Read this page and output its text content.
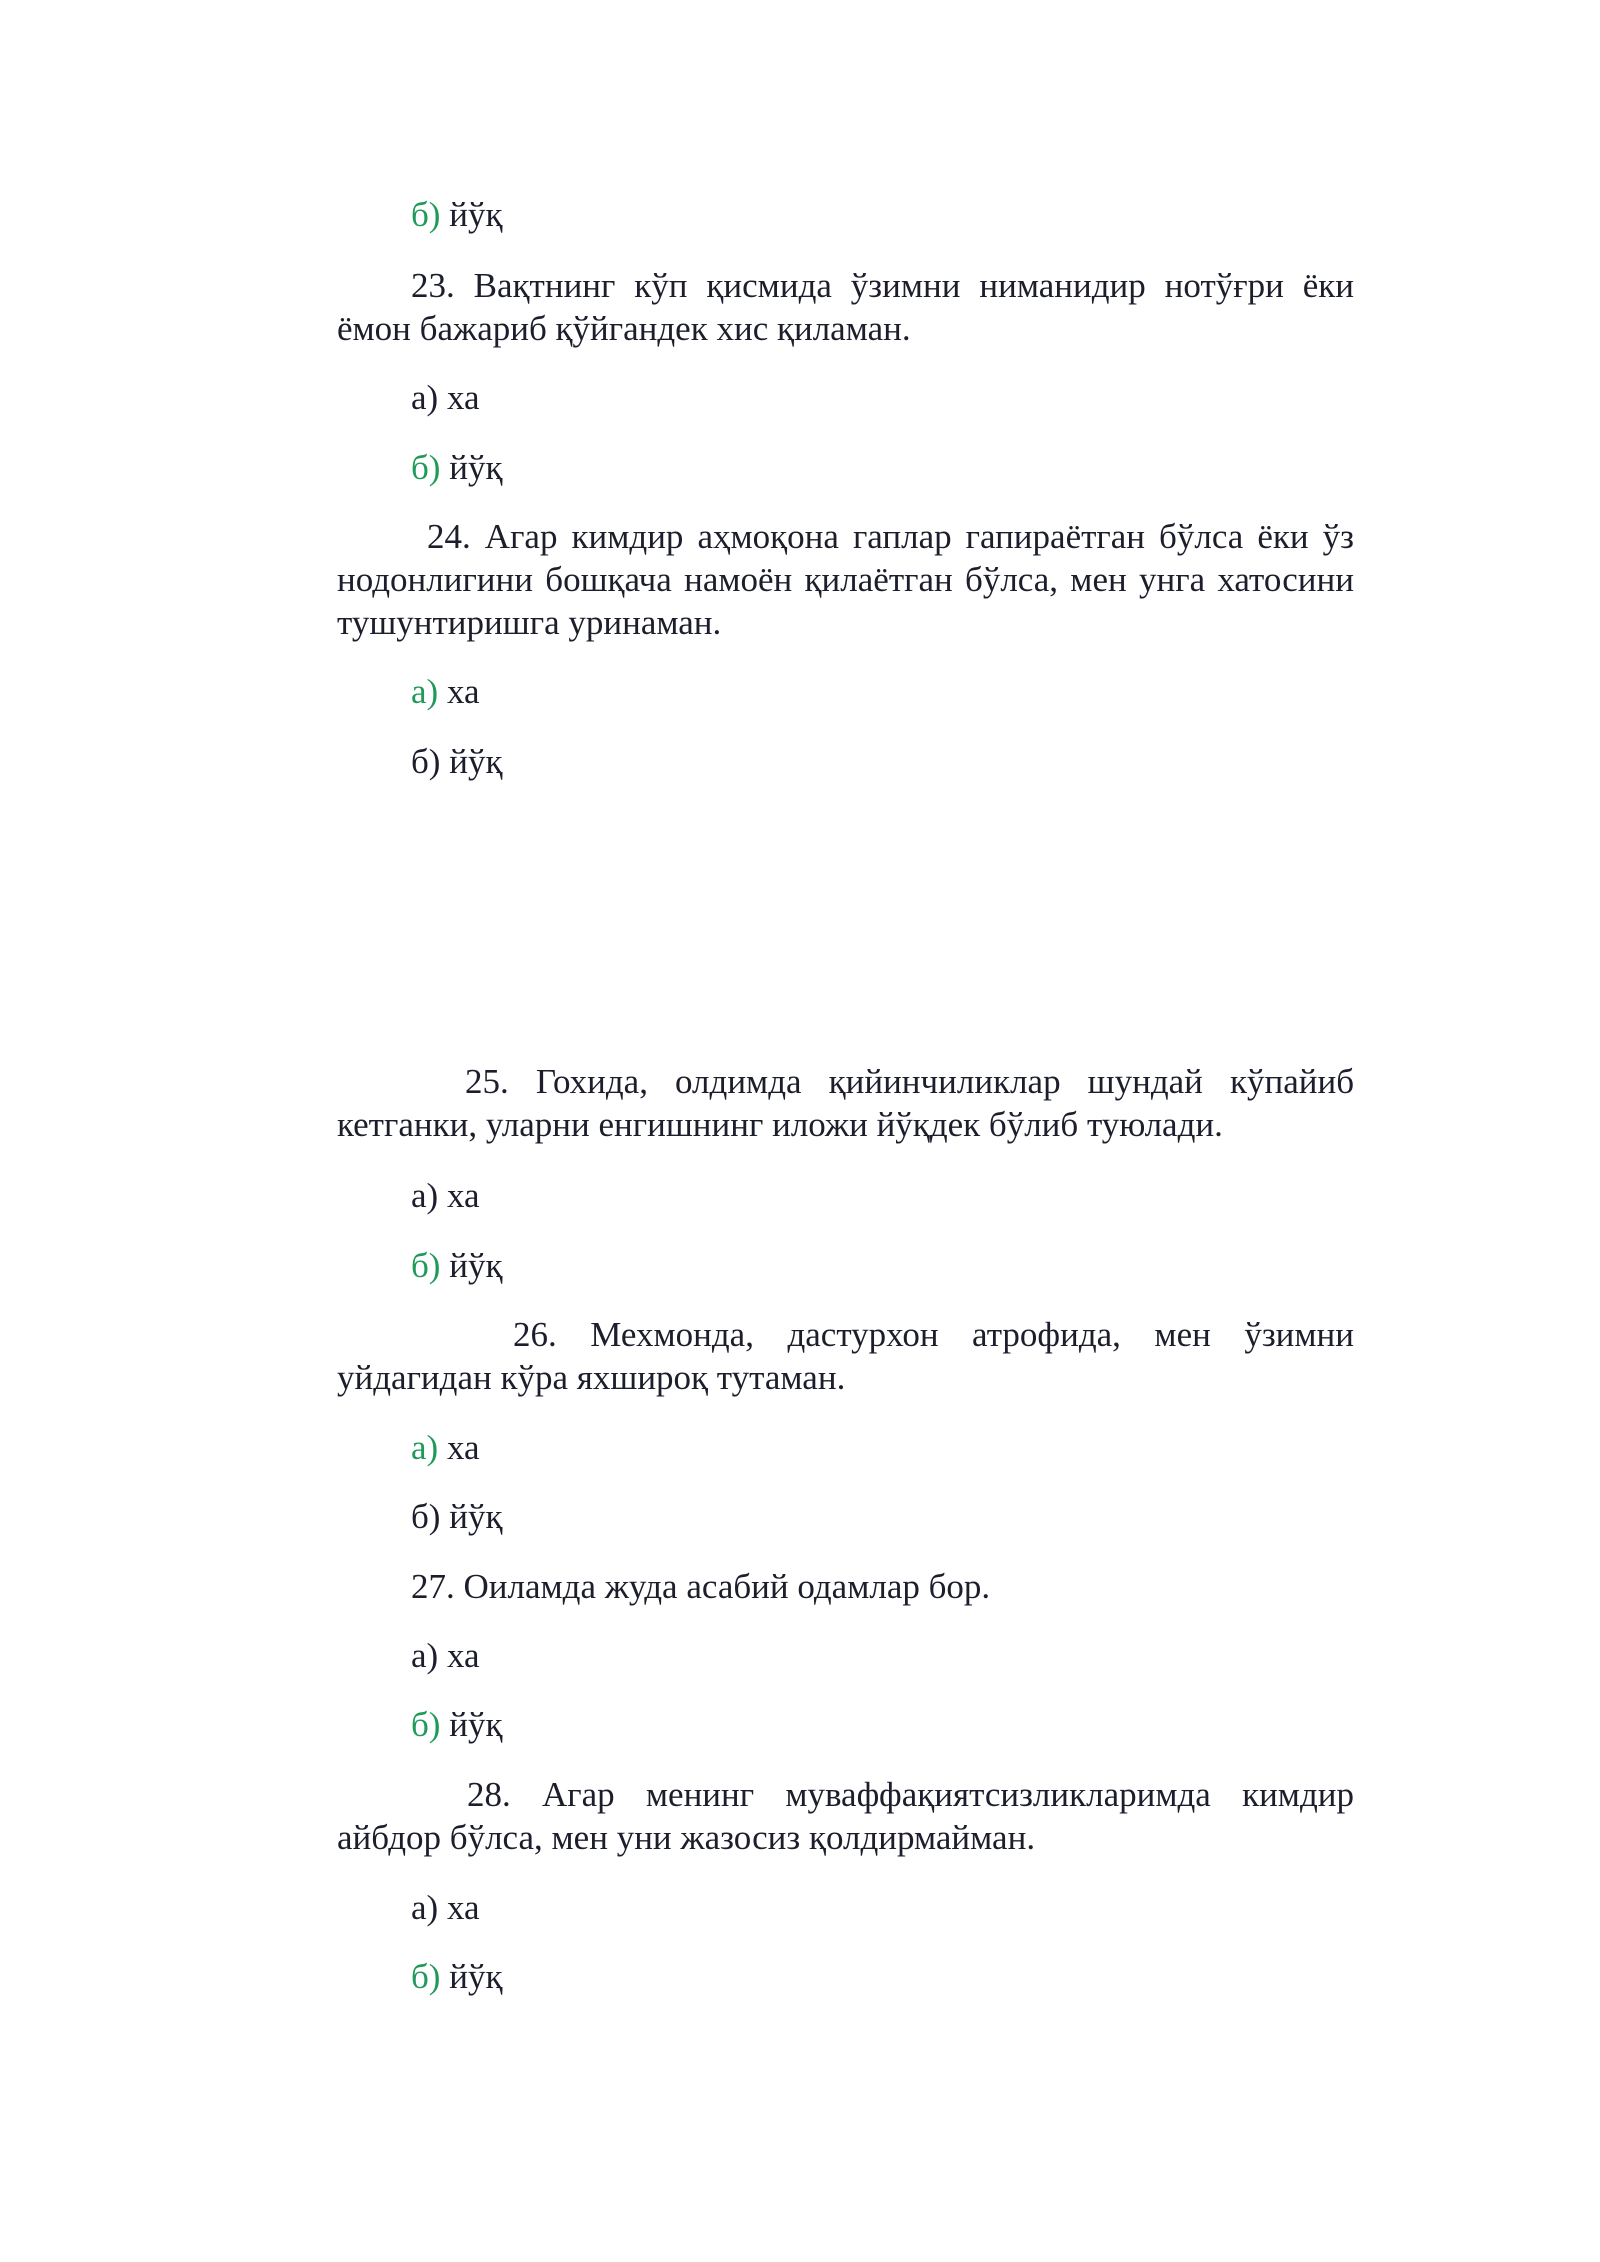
б) йўқ
23. Вақтнинг кўп қисмида ўзимни ниманидир нотўғри ёки ёмон бажариб қўйгандек хис қиламан.
а) ха
б) йўқ
24. Агар кимдир аҳмоқона гаплар гапираётган бўлса ёки ўз нодонлигини бошқача намоён қилаётган бўлса, мен унга хатосини тушунтиришга уринаман.
а) ха
б) йўқ
25. Гохида, олдимда қийинчиликлар шундай кўпайиб кетганки, уларни енгишнинг иложи йўқдек бўлиб туюлади.
а) ха
б) йўқ
26. Мехмонда, дастурхон атрофида, мен ўзимни уйдагидан кўра яхшироқ тутаман.
а) ха
б) йўқ
27. Оиламда жуда асабий одамлар бор.
а) ха
б) йўқ
28. Агар менинг муваффақиятсизликларимда кимдир айбдор бўлса, мен уни жазосиз қолдирмайман.
а) ха
б) йўқ
